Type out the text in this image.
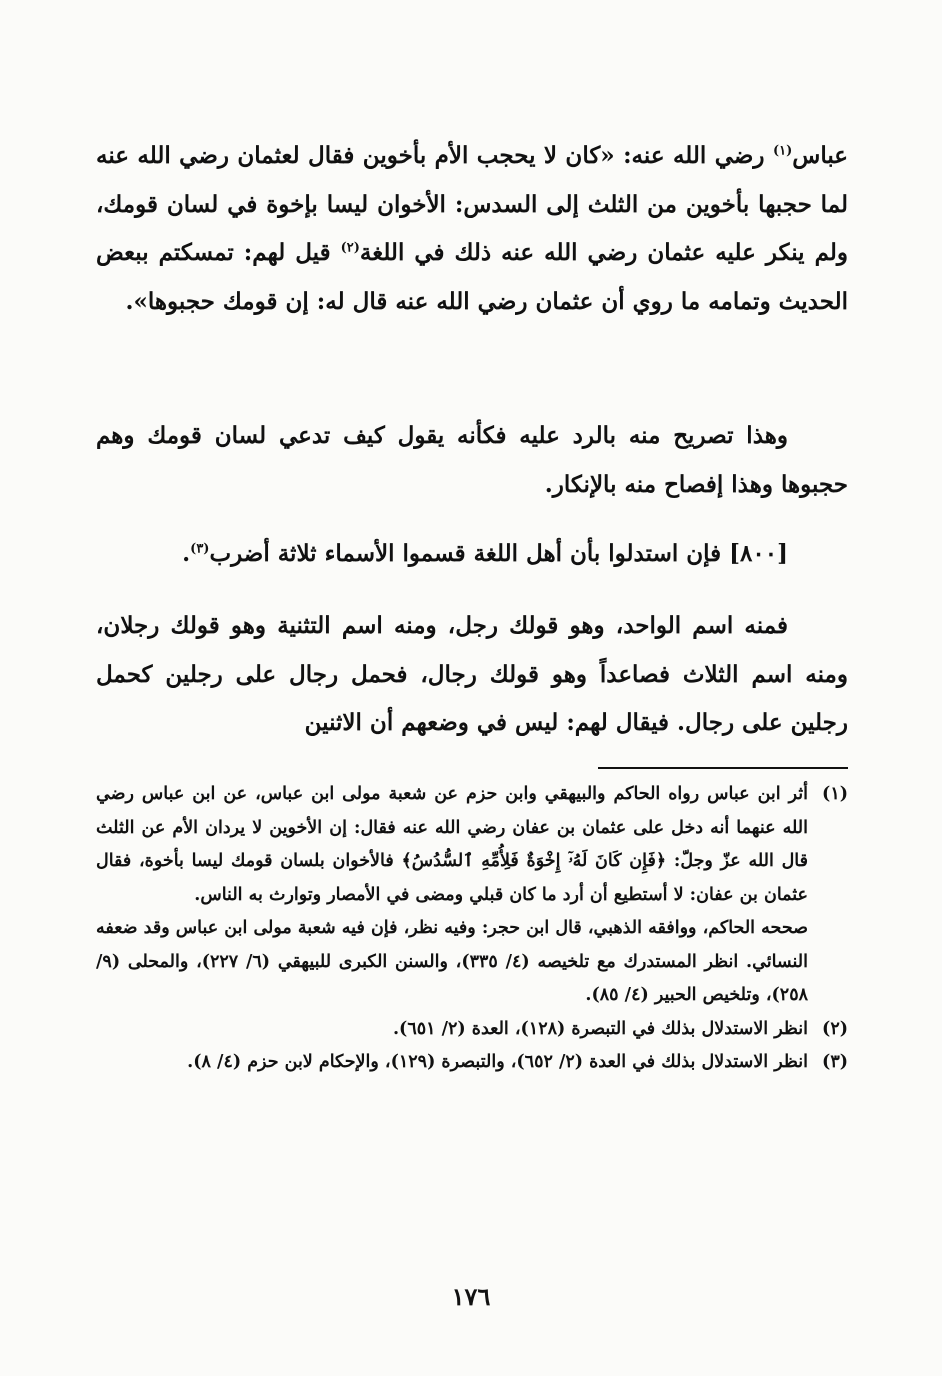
عباس$^{(١)}$ رضي الله عنه: «كان لا يحجب الأم بأخوين فقال لعثمان رضي الله عنه لما حجبها بأخوين من الثلث إلى السدس: الأخوان ليسا بإخوة في لسان قومك، ولم ينكر عليه عثمان رضي الله عنه ذلك في اللغة$^{(٢)}$ قيل لهم: تمسكتم ببعض الحديث وتمامه ما روي أن عثمان رضي الله عنه قال له: إن قومك حجبوها».

وهذا تصريح منه بالرد عليه فكأنه يقول كيف تدعي لسان قومك وهم حجبوها وهذا إفصاح منه بالإنكار.

[٨٠٠] فإن استدلوا بأن أهل اللغة قسموا الأسماء ثلاثة أضرب$^{(٣)}$.

فمنه اسم الواحد، وهو قولك رجل، ومنه اسم التثنية وهو قولك رجلان، ومنه اسم الثلاث فصاعداً وهو قولك رجال، فحمل رجال على رجلين كحمل رجلين على رجال. فيقال لهم: ليس في وضعهم أن الاثنين

(١)
أثر ابن عباس رواه الحاكم والبيهقي وابن حزم عن شعبة مولى ابن عباس، عن ابن عباس رضي الله عنهما أنه دخل على عثمان بن عفان رضي الله عنه فقال: إن الأخوين لا يردان الأم عن الثلث قال الله عزّ وجلّ: ﴿فَإِن كَانَ لَهُۥٓ إِخْوَةٌ فَلِأُمِّهِ ٱلسُّدُسُ﴾ فالأخوان بلسان قومك ليسا بأخوة، فقال عثمان بن عفان: لا أستطيع أن أرد ما كان قبلي ومضى في الأمصار وتوارث به الناس.
صححه الحاكم، ووافقه الذهبي، قال ابن حجر: وفيه نظر، فإن فيه شعبة مولى ابن عباس وقد ضعفه النسائي. انظر المستدرك مع تلخيصه (٤/ ٣٣٥)، والسنن الكبرى للبيهقي (٦/ ٢٢٧)، والمحلى (٩/ ٢٥٨)، وتلخيص الحبير (٤/ ٨٥).
(٢)
انظر الاستدلال بذلك في التبصرة (١٢٨)، العدة (٢/ ٦٥١).
(٣)
انظر الاستدلال بذلك في العدة (٢/ ٦٥٢)، والتبصرة (١٢٩)، والإحكام لابن حزم (٤/ ٨).
١٧٦
